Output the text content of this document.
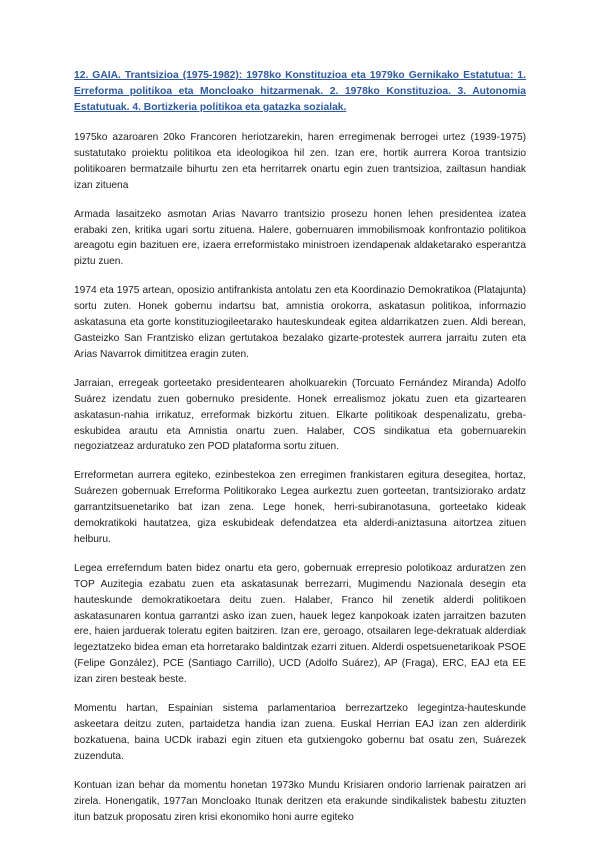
12. GAIA. Trantsizioa (1975-1982): 1978ko Konstituzioa eta 1979ko Gernikako Estatutua: 1. Erreforma politikoa eta Moncloako hitzarmenak. 2. 1978ko Konstituzioa. 3. Autonomia Estatutuak. 4. Bortizkeria politikoa eta gatazka sozialak.

1975ko azaroaren 20ko Francoren heriotzarekin, haren erregimenak berrogei urtez (1939-1975) sustatutako proiektu politikoa eta ideologikoa hil zen. Izan ere, hortik aurrera Koroa trantsizio politikoaren bermatzaile bihurtu zen eta herritarrek onartu egin zuen trantsizioa, zailtasun handiak izan zituena

Armada lasaitzeko asmotan Arias Navarro trantsizio prosezu honen lehen presidentea izatea erabaki zen, kritika ugari sortu zituena. Halere, gobernuaren immobilismoak konfrontazio politikoa areagotu egin bazituen ere, izaera erreformistako ministroen izendapenak aldaketarako esperantza piztu zuen.

1974 eta 1975 artean, oposizio antifrankista antolatu zen eta Koordinazio Demokratikoa (Platajunta) sortu zuten. Honek gobernu indartsu bat, amnistia orokorra, askatasun politikoa, informazio askatasuna eta gorte konstituziogileetarako hauteskundeak egitea aldarrikatzen zuen. Aldi berean, Gasteizko San Frantzisko elizan gertutakoa bezalako gizarte-protestek aurrera jarraitu zuten eta Arias Navarrok dimititzea eragin zuten.

Jarraian, erregeak gorteetako presidentearen aholkuarekin (Torcuato Fernández Miranda) Adolfo Suárez izendatu zuen gobernuko presidente. Honek errealismoz jokatu zuen eta gizartearen askatasun-nahia irrikatuz, erreformak bizkortu zituen. Elkarte politikoak despenalizatu, greba-eskubidea arautu eta Amnistia onartu zuen. Halaber, COS sindikatua eta gobernuarekin negoziatzeaz arduratuko zen POD plataforma sortu zituen.

Erreformetan aurrera egiteko, ezinbestekoa zen erregimen frankistaren egitura desegitea, hortaz, Suárezen gobernuak Erreforma Politikorako Legea aurkeztu zuen gorteetan, trantsiziorako ardatz garrantzitsuenetariko bat izan zena. Lege honek, herri-subiranotasuna, gorteetako kideak demokratikoki hautatzea, giza eskubideak defendatzea eta alderdi-aniztasuna aitortzea zituen helburu.

Legea erreferndum baten bidez onartu eta gero, gobernuak errepresio polotikoaz arduratzen zen TOP Auzitegia ezabatu zuen eta askatasunak berrezarri, Mugimendu Nazionala desegin eta hauteskunde demokratikoetara deitu zuen. Halaber, Franco hil zenetik alderdi politikoen askatasunaren kontua garrantzi asko izan zuen, hauek legez kanpokoak izaten jarraitzen bazuten ere, haien jarduerak toleratu egiten baitziren. Izan ere, geroago, otsailaren lege-dekratuak alderdiak legeztatzeko bidea eman eta horretarako baldintzak ezarri zituen. Alderdi ospetsuenetarikoak PSOE (Felipe González), PCE (Santiago Carrillo), UCD (Adolfo Suárez), AP (Fraga), ERC, EAJ eta EE izan ziren besteak beste.

Momentu hartan, Espainian sistema parlamentarioa berrezartzeko legegintza-hauteskunde askeetara deitzu zuten, partaidetza handia izan zuena. Euskal Herrian EAJ izan zen alderdirik bozkatuena, baina UCDk irabazi egin zituen eta gutxiengoko gobernu bat osatu zen, Suárezek zuzenduta.

Kontuan izan behar da momentu honetan 1973ko Mundu Krisiaren ondorio larrienak pairatzen ari zirela. Honengatik, 1977an Moncloako Itunak deritzen eta erakunde sindikalistek babestu zituzten itun batzuk proposatu ziren krisi ekonomiko honi aurre egiteko
